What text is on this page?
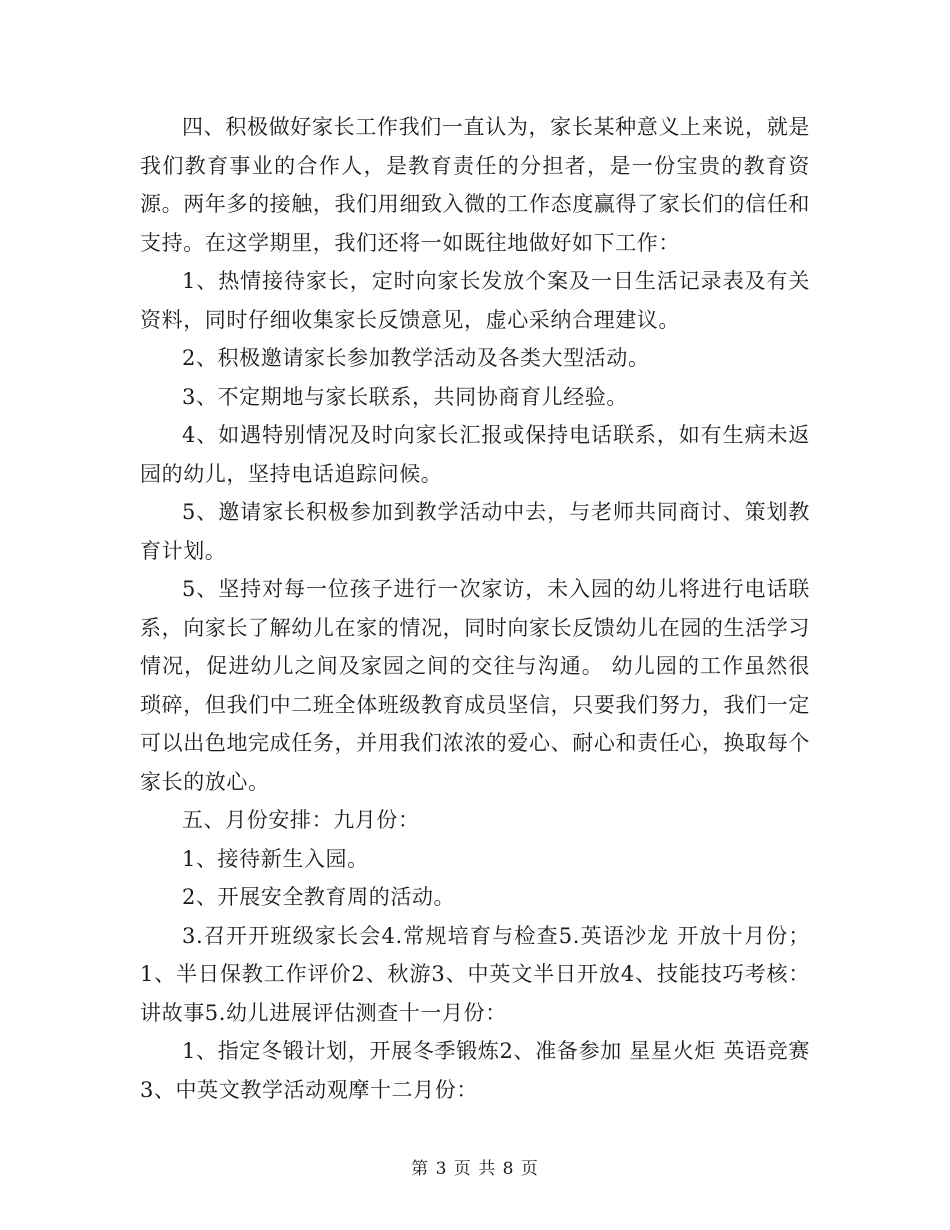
四、积极做好家长工作我们一直认为，家长某种意义上来说，就是我们教育事业的合作人，是教育责任的分担者，是一份宝贵的教育资源。两年多的接触，我们用细致入微的工作态度赢得了家长们的信任和支持。在这学期里，我们还将一如既往地做好如下工作：

1、热情接待家长，定时向家长发放个案及一日生活记录表及有关资料，同时仔细收集家长反馈意见，虚心采纳合理建议。

2、积极邀请家长参加教学活动及各类大型活动。

3、不定期地与家长联系，共同协商育儿经验。

4、如遇特别情况及时向家长汇报或保持电话联系，如有生病未返园的幼儿，坚持电话追踪问候。

5、邀请家长积极参加到教学活动中去，与老师共同商讨、策划教育计划。

5、坚持对每一位孩子进行一次家访，未入园的幼儿将进行电话联系，向家长了解幼儿在家的情况，同时向家长反馈幼儿在园的生活学习情况，促进幼儿之间及家园之间的交往与沟通。 幼儿园的工作虽然很琐碎，但我们中二班全体班级教育成员坚信，只要我们努力，我们一定可以出色地完成任务，并用我们浓浓的爱心、耐心和责任心，换取每个家长的放心。

五、月份安排：九月份：

1、接待新生入园。

2、开展安全教育周的活动。

3.召开开班级家长会4.常规培育与检查5.英语沙龙 开放十月份；1、半日保教工作评价2、秋游3、中英文半日开放4、技能技巧考核：讲故事5.幼儿进展评估测查十一月份：

1、指定冬锻计划，开展冬季锻炼2、准备参加 星星火炬 英语竞赛3、中英文教学活动观摩十二月份：

第 3 页 共 8 页
